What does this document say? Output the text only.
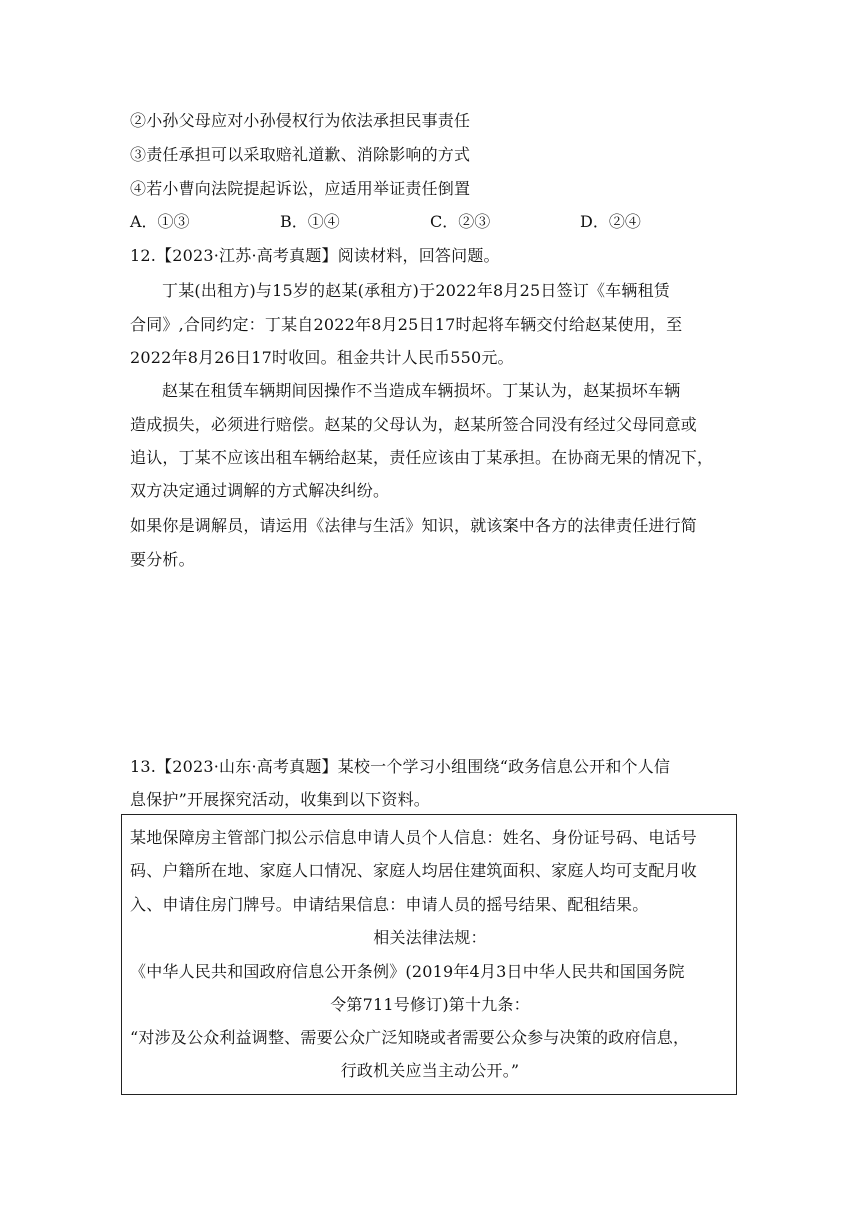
②小孙父母应对小孙侵权行为依法承担民事责任
③责任承担可以采取赔礼道歉、消除影响的方式
④若小曹向法院提起诉讼，应适用举证责任倒置
A．①③	B．①④	C．②③	D．②④
12.【2023·江苏·高考真题】阅读材料，回答问题。
丁某(出租方)与15岁的赵某(承租方)于2022年8月25日签订《车辆租赁
合同》,合同约定：丁某自2022年8月25日17时起将车辆交付给赵某使用，至
2022年8月26日17时收回。租金共计人民币550元。
赵某在租赁车辆期间因操作不当造成车辆损坏。丁某认为，赵某损坏车辆
造成损失，必须进行赔偿。赵某的父母认为，赵某所签合同没有经过父母同意或
追认，丁某不应该出租车辆给赵某，责任应该由丁某承担。在协商无果的情况下，
双方决定通过调解的方式解决纠纷。
如果你是调解员，请运用《法律与生活》知识，就该案中各方的法律责任进行简
要分析。
13.【2023·山东·高考真题】某校一个学习小组围绕“政务信息公开和个人信
息保护”开展探究活动，收集到以下资料。
某地保障房主管部门拟公示信息申请人员个人信息：姓名、身份证号码、电话号
码、户籍所在地、家庭人口情况、家庭人均居住建筑面积、家庭人均可支配月收
入、申请住房门牌号。申请结果信息：申请人员的摇号结果、配租结果。
相关法律法规：
《中华人民共和国政府信息公开条例》(2019年4月3日中华人民共和国国务院
令第711号修订)第十九条：
“对涉及公众利益调整、需要公众广泛知晓或者需要公众参与决策的政府信息，
行政机关应当主动公开。”
